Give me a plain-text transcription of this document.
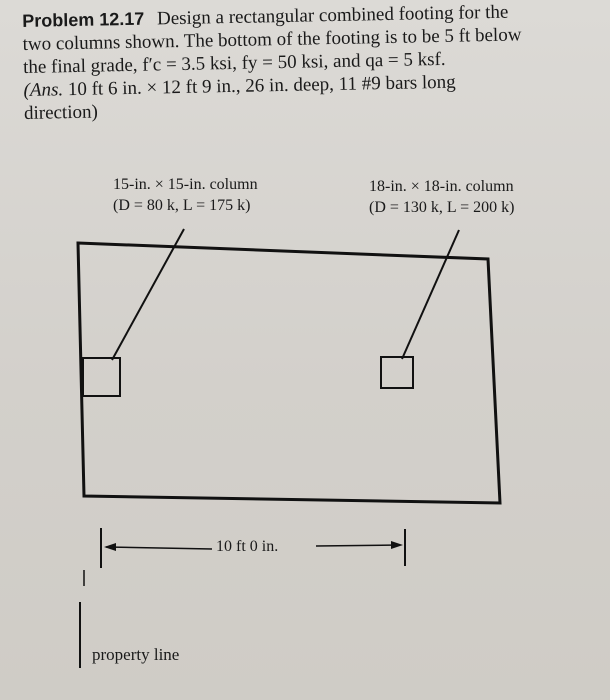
Problem 12.17 Design a rectangular combined footing for the
two columns shown. The bottom of the footing is to be 5 ft below
the final grade, f′c = 3.5 ksi, fy = 50 ksi, and qa = 5 ksf.
(Ans. 10 ft 6 in. × 12 ft 9 in., 26 in. deep, 11 #9 bars long
direction)
15-in. × 15-in. column
(D = 80 k, L = 175 k)
18-in. × 18-in. column
(D = 130 k, L = 200 k)
10 ft 0 in.
property line
